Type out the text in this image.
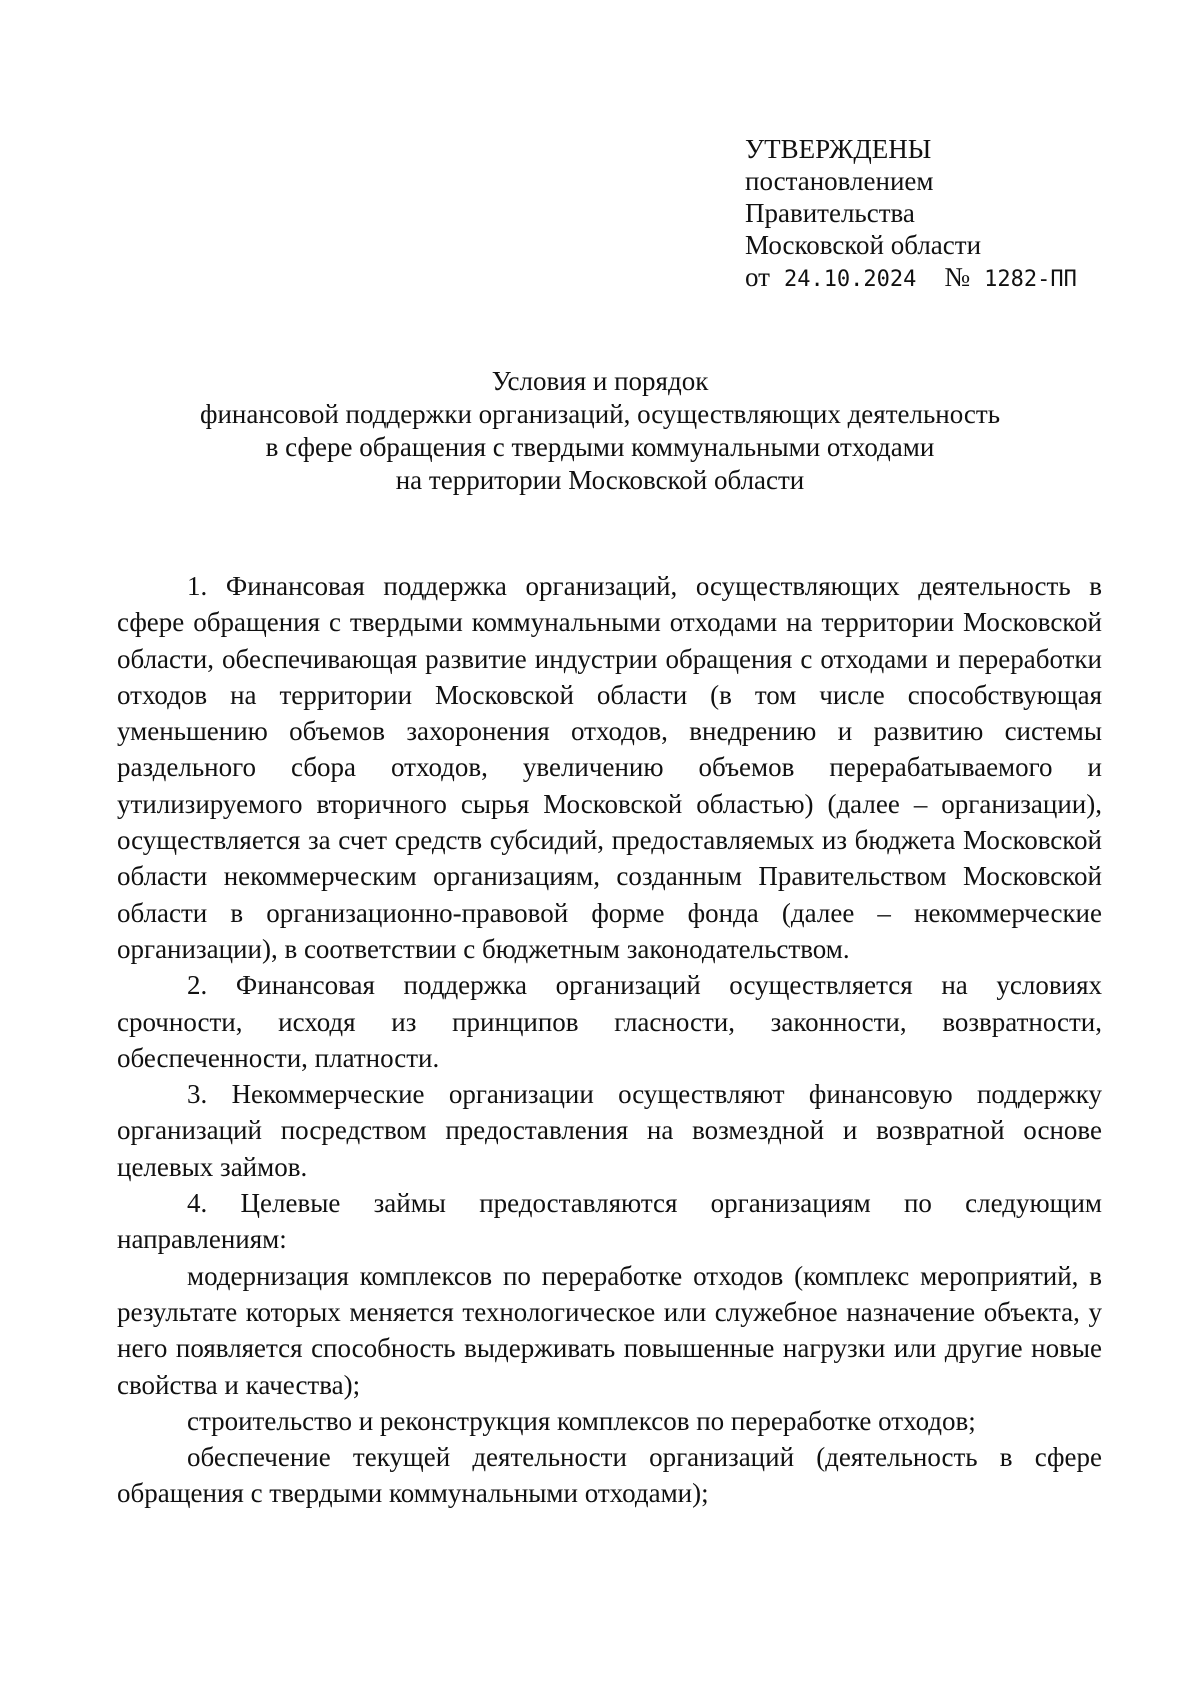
УТВЕРЖДЕНЫ
постановлением
Правительства
Московской области
от 24.10.2024 № 1282-ПП
Условия и порядок
финансовой поддержки организаций, осуществляющих деятельность
в сфере обращения с твердыми коммунальными отходами
на территории Московской области

1. Финансовая поддержка организаций, осуществляющих деятельность в сфере обращения с твердыми коммунальными отходами на территории Московской области, обеспечивающая развитие индустрии обращения с отходами и переработки отходов на территории Московской области (в том числе способствующая уменьшению объемов захоронения отходов, внедрению и развитию системы раздельного сбора отходов, увеличению объемов перерабатываемого и утилизируемого вторичного сырья Московской областью) (далее – организации), осуществляется за счет средств субсидий, предоставляемых из бюджета Московской области некоммерческим организациям, созданным Правительством Московской области в организационно-правовой форме фонда (далее – некоммерческие организации), в соответствии с бюджетным законодательством.

2. Финансовая поддержка организаций осуществляется на условиях срочности, исходя из принципов гласности, законности, возвратности, обеспеченности, платности.

3. Некоммерческие организации осуществляют финансовую поддержку организаций посредством предоставления на возмездной и возвратной основе целевых займов.

4. Целевые займы предоставляются организациям по следующим направлениям:

модернизация комплексов по переработке отходов (комплекс мероприятий, в результате которых меняется технологическое или служебное назначение объекта, у него появляется способность выдерживать повышенные нагрузки или другие новые свойства и качества);

строительство и реконструкция комплексов по переработке отходов;

обеспечение текущей деятельности организаций (деятельность в сфере обращения с твердыми коммунальными отходами);
